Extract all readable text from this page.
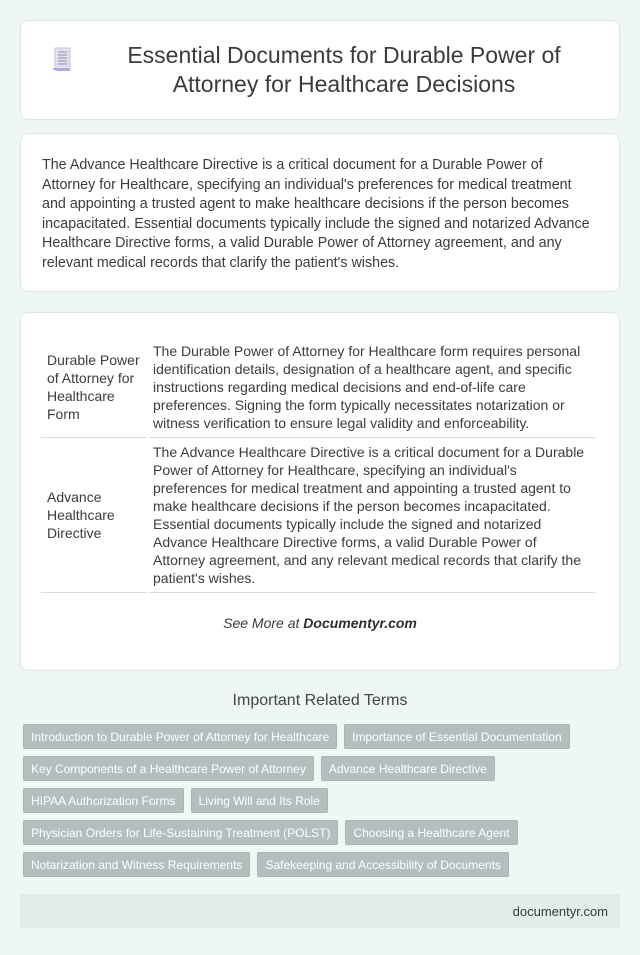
Essential Documents for Durable Power of Attorney for Healthcare Decisions

The Advance Healthcare Directive is a critical document for a Durable Power of Attorney for Healthcare, specifying an individual's preferences for medical treatment and appointing a trusted agent to make healthcare decisions if the person becomes incapacitated. Essential documents typically include the signed and notarized Advance Healthcare Directive forms, a valid Durable Power of Attorney agreement, and any relevant medical records that clarify the patient's wishes.

Durable Power of Attorney for Healthcare Form	The Durable Power of Attorney for Healthcare form requires personal identification details, designation of a healthcare agent, and specific instructions regarding medical decisions and end-of-life care preferences. Signing the form typically necessitates notarization or witness verification to ensure legal validity and enforceability.
Advance Healthcare Directive	The Advance Healthcare Directive is a critical document for a Durable Power of Attorney for Healthcare, specifying an individual's preferences for medical treatment and appointing a trusted agent to make healthcare decisions if the person becomes incapacitated. Essential documents typically include the signed and notarized Advance Healthcare Directive forms, a valid Durable Power of Attorney agreement, and any relevant medical records that clarify the patient's wishes.
See More at Documentyr.com
Important Related Terms
Introduction to Durable Power of Attorney for Healthcare	Importance of Essential Documentation
Key Components of a Healthcare Power of Attorney	Advance Healthcare Directive
HIPAA Authorization Forms	Living Will and Its Role
Physician Orders for Life-Sustaining Treatment (POLST)	Choosing a Healthcare Agent
Notarization and Witness Requirements	Safekeeping and Accessibility of Documents
documentyr.com
